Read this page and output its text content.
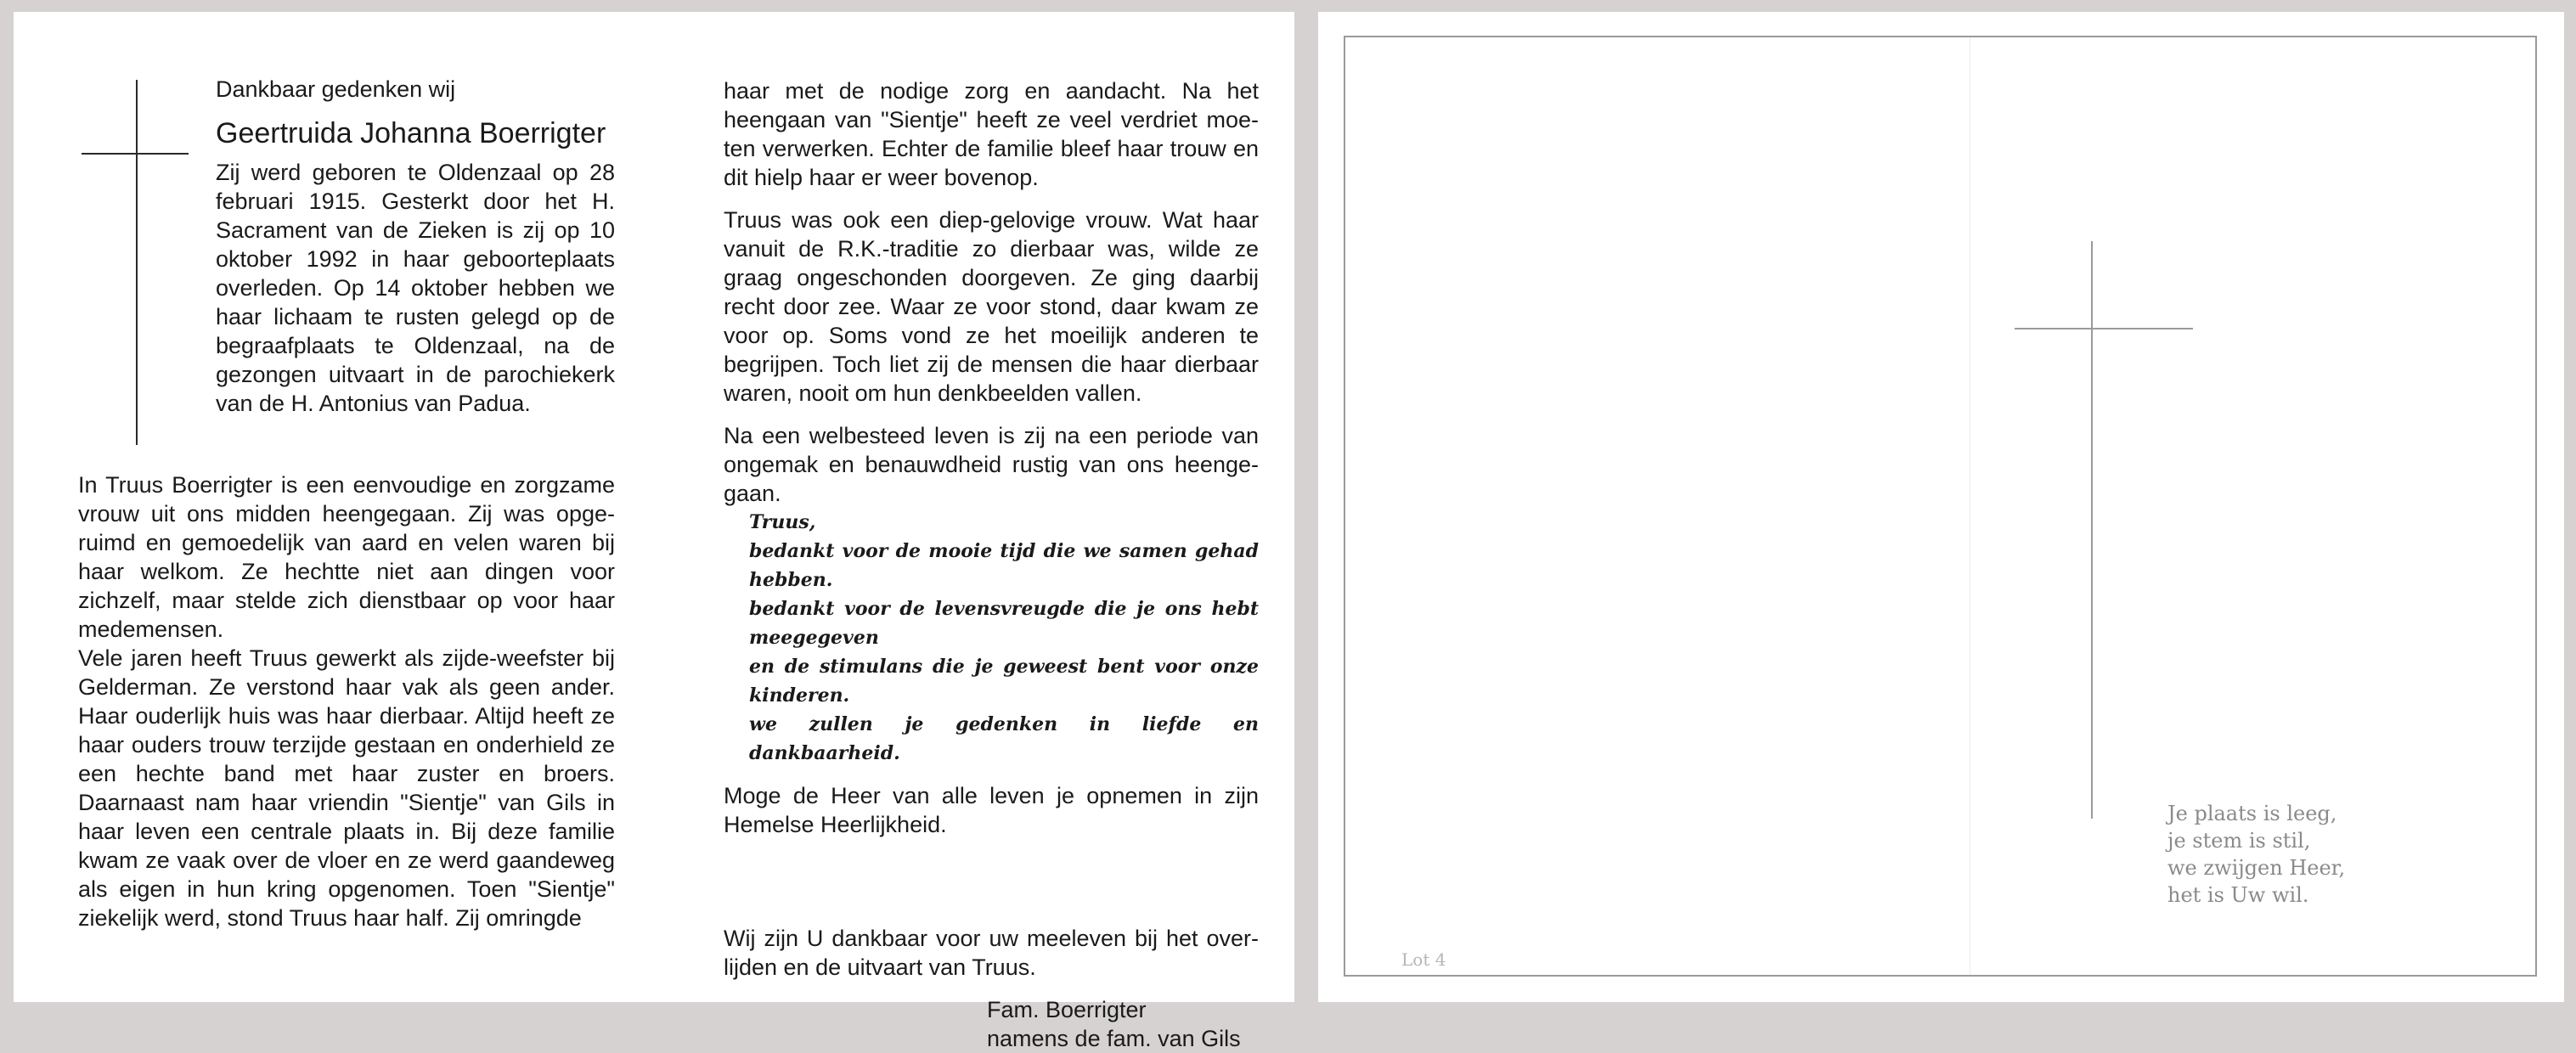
Dankbaar gedenken wij
Geertruida Johanna Boerrigter

Zij werd geboren te Oldenzaal op 28 februari 1915. Gesterkt door het H. Sacrament van de Zieken is zij op 10 oktober 1992 in haar geboorteplaats overleden. Op 14 oktober hebben we haar lichaam te rusten gelegd op de begraafplaats te Oldenzaal, na de gezongen uitvaart in de parochiekerk van de H. Antonius van Padua.

In Truus Boerrigter is een eenvoudige en zorgzame vrouw uit ons midden heengegaan. Zij was opgeruimd en gemoedelijk van aard en velen waren bij haar welkom. Ze hechtte niet aan dingen voor zichzelf, maar stelde zich dienstbaar op voor haar medemensen.

Vele jaren heeft Truus gewerkt als zijde-weefster bij Gelderman. Ze verstond haar vak als geen ander. Haar ouderlijk huis was haar dierbaar. Altijd heeft ze haar ouders trouw terzijde gestaan en onderhield ze een hechte band met haar zuster en broers. Daarnaast nam haar vriendin "Sientje" van Gils in haar leven een centrale plaats in. Bij deze familie kwam ze vaak over de vloer en ze werd gaandeweg als eigen in hun kring opgenomen. Toen "Sientje" ziekelijk werd, stond Truus haar half. Zij omringde

haar met de nodige zorg en aandacht. Na het heengaan van "Sientje" heeft ze veel verdriet moeten verwerken. Echter de familie bleef haar trouw en dit hielp haar er weer bovenop.

Truus was ook een diep-gelovige vrouw. Wat haar vanuit de R.K.-traditie zo dierbaar was, wilde ze graag ongeschonden doorgeven. Ze ging daarbij recht door zee. Waar ze voor stond, daar kwam ze voor op. Soms vond ze het moeilijk anderen te begrijpen. Toch liet zij de mensen die haar dierbaar waren, nooit om hun denkbeelden vallen.

Na een welbesteed leven is zij na een periode van ongemak en benauwdheid rustig van ons heengegaan.

Truus,
bedankt voor de mooie tijd die we samen gehad hebben.
bedankt voor de levensvreugde die je ons hebt meegegeven
en de stimulans die je geweest bent voor onze kinderen.
we zullen je gedenken in liefde en dankbaarheid.

Moge de Heer van alle leven je opnemen in zijn Hemelse Heerlijkheid.

Wij zijn U dankbaar voor uw meeleven bij het overlijden en de uitvaart van Truus.

Fam. Boerrigter
namens de fam. van Gils
Je plaats is leeg,
je stem is stil,
we zwijgen Heer,
het is Uw wil.
Lot 4
